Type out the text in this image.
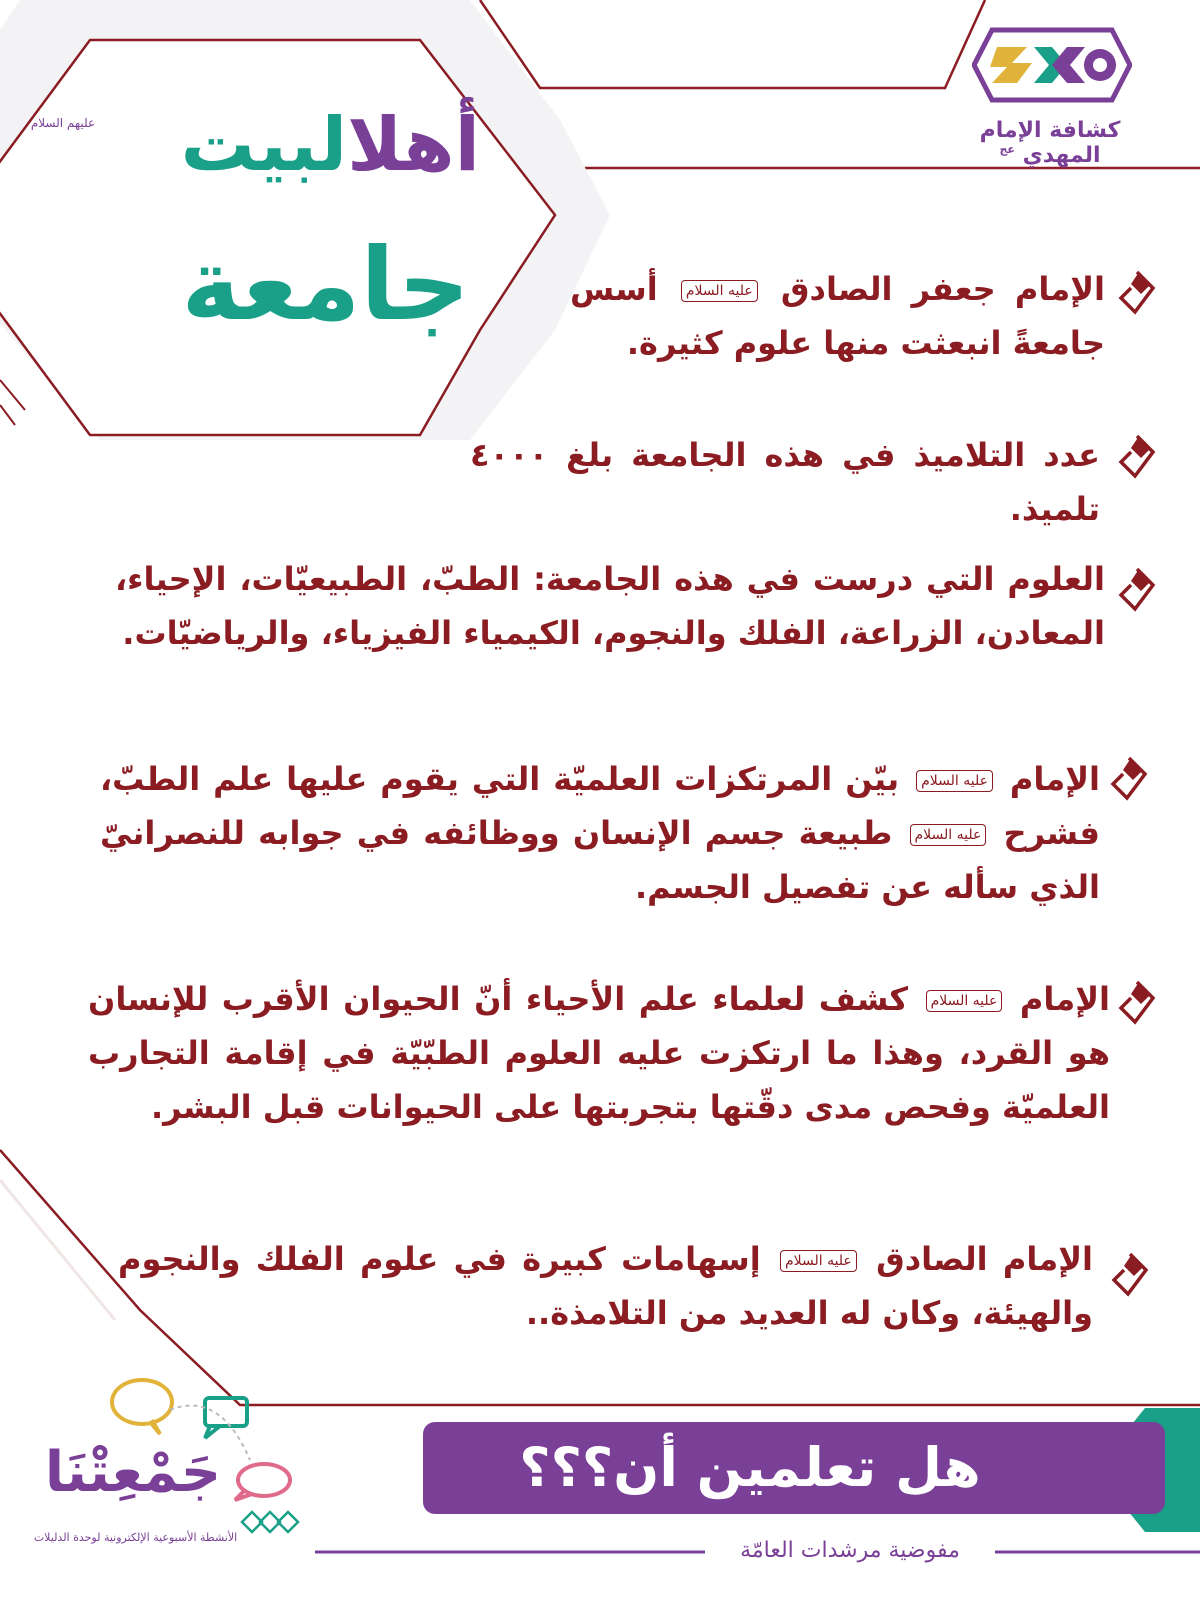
كشافة الإمام المهدي $^{عج}$
أهلالبيت
عليهم السلام
جامعة	الإمام جعفر الصادق عليه السلام أسس جامعةً انبعثت منها علوم كثيرة.
عدد التلاميذ في هذه الجامعة بلغ ٤٠٠٠ تلميذ.
العلوم التي درست في هذه الجامعة: الطبّ، الطبيعيّات، الإحياء، المعادن، الزراعة، الفلك والنجوم، الكيمياء الفيزياء، والرياضيّات.
الإمام عليه السلام بيّن المرتكزات العلميّة التي يقوم عليها علم الطبّ، فشرح عليه السلام طبيعة جسم الإنسان ووظائفه في جوابه للنصرانيّ الذي سأله عن تفصيل الجسم.
الإمام عليه السلام كشف لعلماء علم الأحياء أنّ الحيوان الأقرب للإنسان هو القرد، وهذا ما ارتكزت عليه العلوم الطبّيّة في إقامة التجارب العلميّة وفحص مدى دقّتها بتجربتها على الحيوانات قبل البشر.
الإمام الصادق عليه السلام إسهامات كبيرة في علوم الفلك والنجوم والهيئة، وكان له العديد من التلامذة..
هل تعلمين أن؟؟؟
مفوضية مرشدات العامّة
جَمْعِتْنَا
الأنشطة الأسبوعية الإلكترونية لوحدة الدليلات
